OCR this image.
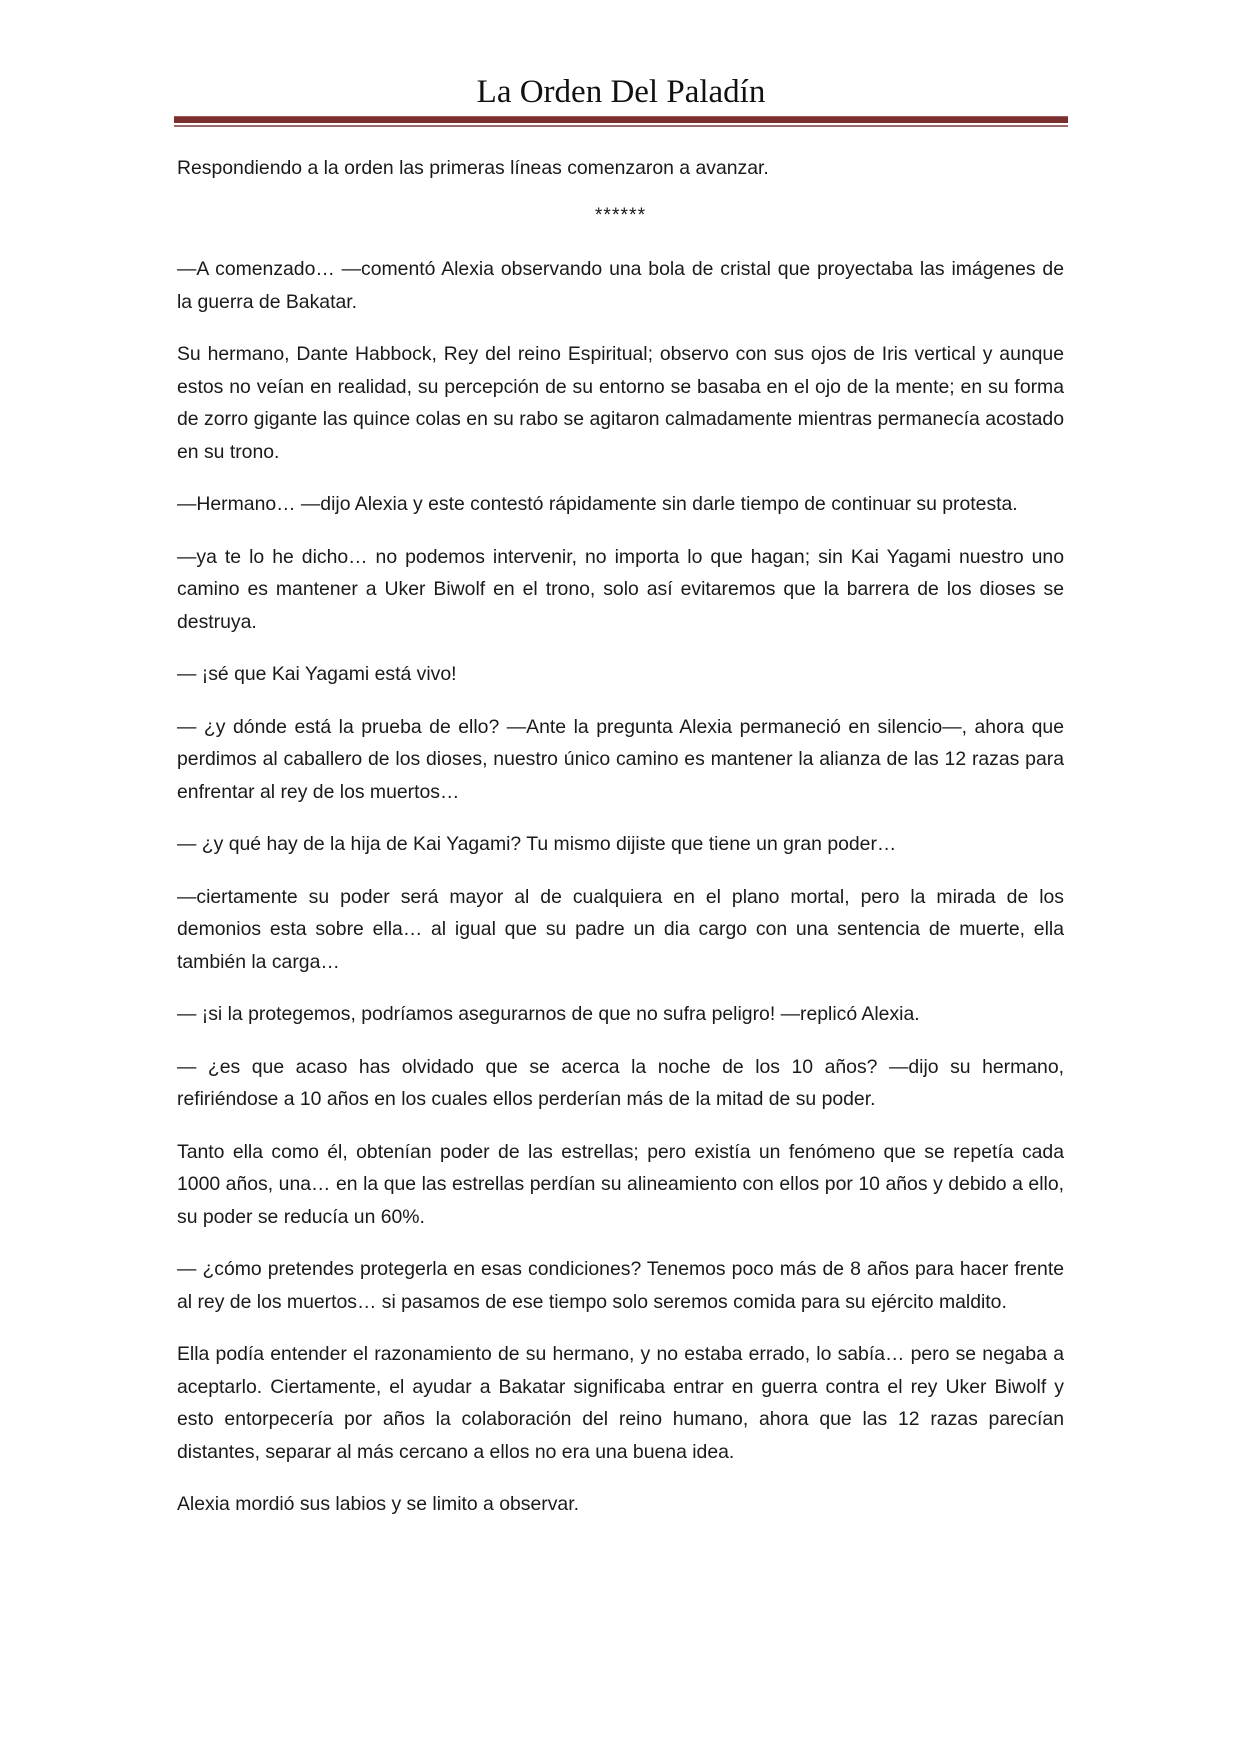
La Orden Del Paladín

Respondiendo a la orden las primeras líneas comenzaron a avanzar.

******

—A comenzado… —comentó Alexia observando una bola de cristal que proyectaba las imágenes de la guerra de Bakatar.

Su hermano, Dante Habbock, Rey del reino Espiritual; observo con sus ojos de Iris vertical y aunque estos no veían en realidad, su percepción de su entorno se basaba en el ojo de la mente; en su forma de zorro gigante las quince colas en su rabo se agitaron calmadamente mientras permanecía acostado en su trono.

—Hermano… —dijo Alexia y este contestó rápidamente sin darle tiempo de continuar su protesta.

—ya te lo he dicho… no podemos intervenir, no importa lo que hagan; sin Kai Yagami nuestro uno camino es mantener a Uker Biwolf en el trono, solo así evitaremos que la barrera de los dioses se destruya.

— ¡sé que Kai Yagami está vivo!

— ¿y dónde está la prueba de ello? —Ante la pregunta Alexia permaneció en silencio—, ahora que perdimos al caballero de los dioses, nuestro único camino es mantener la alianza de las 12 razas para enfrentar al rey de los muertos…

— ¿y qué hay de la hija de Kai Yagami? Tu mismo dijiste que tiene un gran poder…

—ciertamente su poder será mayor al de cualquiera en el plano mortal, pero la mirada de los demonios esta sobre ella… al igual que su padre un dia cargo con una sentencia de muerte, ella también la carga…

— ¡si la protegemos, podríamos asegurarnos de que no sufra peligro! —replicó Alexia.

— ¿es que acaso has olvidado que se acerca la noche de los 10 años? —dijo su hermano, refiriéndose a 10 años en los cuales ellos perderían más de la mitad de su poder.

Tanto ella como él, obtenían poder de las estrellas; pero existía un fenómeno que se repetía cada 1000 años, una… en la que las estrellas perdían su alineamiento con ellos por 10 años y debido a ello, su poder se reducía un 60%.

— ¿cómo pretendes protegerla en esas condiciones? Tenemos poco más de 8 años para hacer frente al rey de los muertos… si pasamos de ese tiempo solo seremos comida para su ejército maldito.

Ella podía entender el razonamiento de su hermano, y no estaba errado, lo sabía… pero se negaba a aceptarlo. Ciertamente, el ayudar a Bakatar significaba entrar en guerra contra el rey Uker Biwolf y esto entorpecería por años la colaboración del reino humano, ahora que las 12 razas parecían distantes, separar al más cercano a ellos no era una buena idea.

Alexia mordió sus labios y se limito a observar.
